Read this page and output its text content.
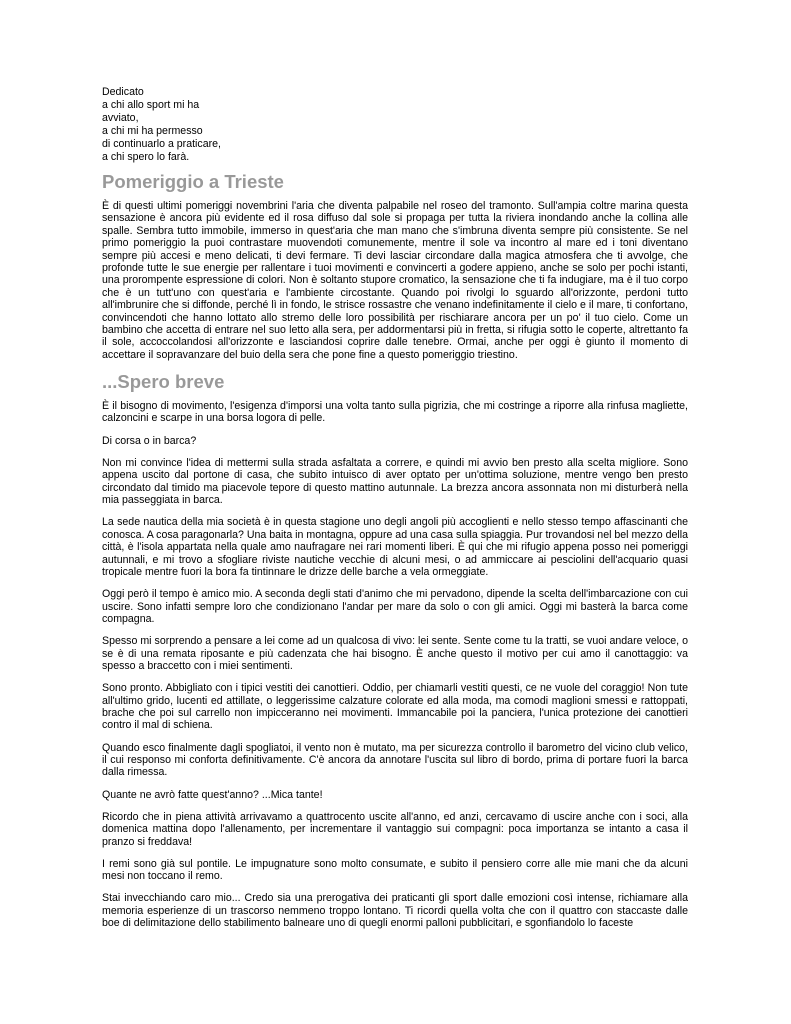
Dedicato
a chi allo sport mi ha
avviato,
a chi mi ha permesso
di continuarlo a praticare,
a chi spero lo farà.
Pomeriggio a Trieste

È di questi ultimi pomeriggi novembrini l'aria che diventa palpabile nel roseo del tramonto. Sull'ampia coltre marina questa sensazione è ancora più evidente ed il rosa diffuso dal sole si propaga per tutta la riviera inondando anche la collina alle spalle. Sembra tutto immobile, immerso in quest'aria che man mano che s'imbruna diventa sempre più consistente. Se nel primo pomeriggio la puoi contrastare muovendoti comunemente, mentre il sole va incontro al mare ed i toni diventano sempre più accesi e meno delicati, ti devi fermare. Ti devi lasciar circondare dalla magica atmosfera che ti avvolge, che profonde tutte le sue energie per rallentare i tuoi movimenti e convincerti a godere appieno, anche se solo per pochi istanti, una prorompente espressione di colori. Non è soltanto stupore cromatico, la sensazione che ti fa indugiare, ma è il tuo corpo che è un tutt'uno con quest'aria e l'ambiente circostante. Quando poi rivolgi lo sguardo all'orizzonte, perdoni tutto all'imbrunire che si diffonde, perché lì in fondo, le strisce rossastre che venano indefinitamente il cielo e il mare, ti confortano, convincendoti che hanno lottato allo stremo delle loro possibilità per rischiarare ancora per un po' il tuo cielo. Come un bambino che accetta di entrare nel suo letto alla sera, per addormentarsi più in fretta, si rifugia sotto le coperte, altrettanto fa il sole, accoccolandosi all'orizzonte e lasciandosi coprire dalle tenebre. Ormai, anche per oggi è giunto il momento di accettare il sopravanzare del buio della sera che pone fine a questo pomeriggio triestino.

...Spero breve

È il bisogno di movimento, l'esigenza d'imporsi una volta tanto sulla pigrizia, che mi costringe a riporre alla rinfusa magliette, calzoncini e scarpe in una borsa logora di pelle.

Di corsa o in barca?

Non mi convince l'idea di mettermi sulla strada asfaltata a correre, e quindi mi avvio ben presto alla scelta migliore. Sono appena uscito dal portone di casa, che subito intuisco di aver optato per un'ottima soluzione, mentre vengo ben presto circondato dal timido ma piacevole tepore di questo mattino autunnale. La brezza ancora assonnata non mi disturberà nella mia passeggiata in barca.

La sede nautica della mia società è in questa stagione uno degli angoli più accoglienti e nello stesso tempo affascinanti che conosca. A cosa paragonarla? Una baita in montagna, oppure ad una casa sulla spiaggia. Pur trovandosi nel bel mezzo della città, è l'isola appartata nella quale amo naufragare nei rari momenti liberi. È qui che mi rifugio appena posso nei pomeriggi autunnali, e mi trovo a sfogliare riviste nautiche vecchie di alcuni mesi, o ad ammiccare ai pesciolini dell'acquario quasi tropicale mentre fuori la bora fa tintinnare le drizze delle barche a vela ormeggiate.

Oggi però il tempo è amico mio. A seconda degli stati d'animo che mi pervadono, dipende la scelta dell'imbarcazione con cui uscire. Sono infatti sempre loro che condizionano l'andar per mare da solo o con gli amici. Oggi mi basterà la barca come compagna.

Spesso mi sorprendo a pensare a lei come ad un qualcosa di vivo: lei sente. Sente come tu la tratti, se vuoi andare veloce, o se è di una remata riposante e più cadenzata che hai bisogno. È anche questo il motivo per cui amo il canottaggio: va spesso a braccetto con i miei sentimenti.

Sono pronto. Abbigliato con i tipici vestiti dei canottieri. Oddio, per chiamarli vestiti questi, ce ne vuole del coraggio! Non tute all'ultimo grido, lucenti ed attillate, o leggerissime calzature colorate ed alla moda, ma comodi maglioni smessi e rattoppati, brache che poi sul carrello non impicceranno nei movimenti. Immancabile poi la panciera, l'unica protezione dei canottieri contro il mal di schiena.

Quando esco finalmente dagli spogliatoi, il vento non è mutato, ma per sicurezza controllo il barometro del vicino club velico, il cui responso mi conforta definitivamente. C'è ancora da annotare l'uscita sul libro di bordo, prima di portare fuori la barca dalla rimessa.

Quante ne avrò fatte quest'anno? ...Mica tante!

Ricordo che in piena attività arrivavamo a quattrocento uscite all'anno, ed anzi, cercavamo di uscire anche con i soci, alla domenica mattina dopo l'allenamento, per incrementare il vantaggio sui compagni: poca importanza se intanto a casa il pranzo si freddava!

I remi sono già sul pontile. Le impugnature sono molto consumate, e subito il pensiero corre alle mie mani che da alcuni mesi non toccano il remo.

Stai invecchiando caro mio... Credo sia una prerogativa dei praticanti gli sport dalle emozioni così intense, richiamare alla memoria esperienze di un trascorso nemmeno troppo lontano. Ti ricordi quella volta che con il quattro con staccaste dalle boe di delimitazione dello stabilimento balneare uno di quegli enormi palloni pubblicitari, e sgonfiandolo lo faceste
